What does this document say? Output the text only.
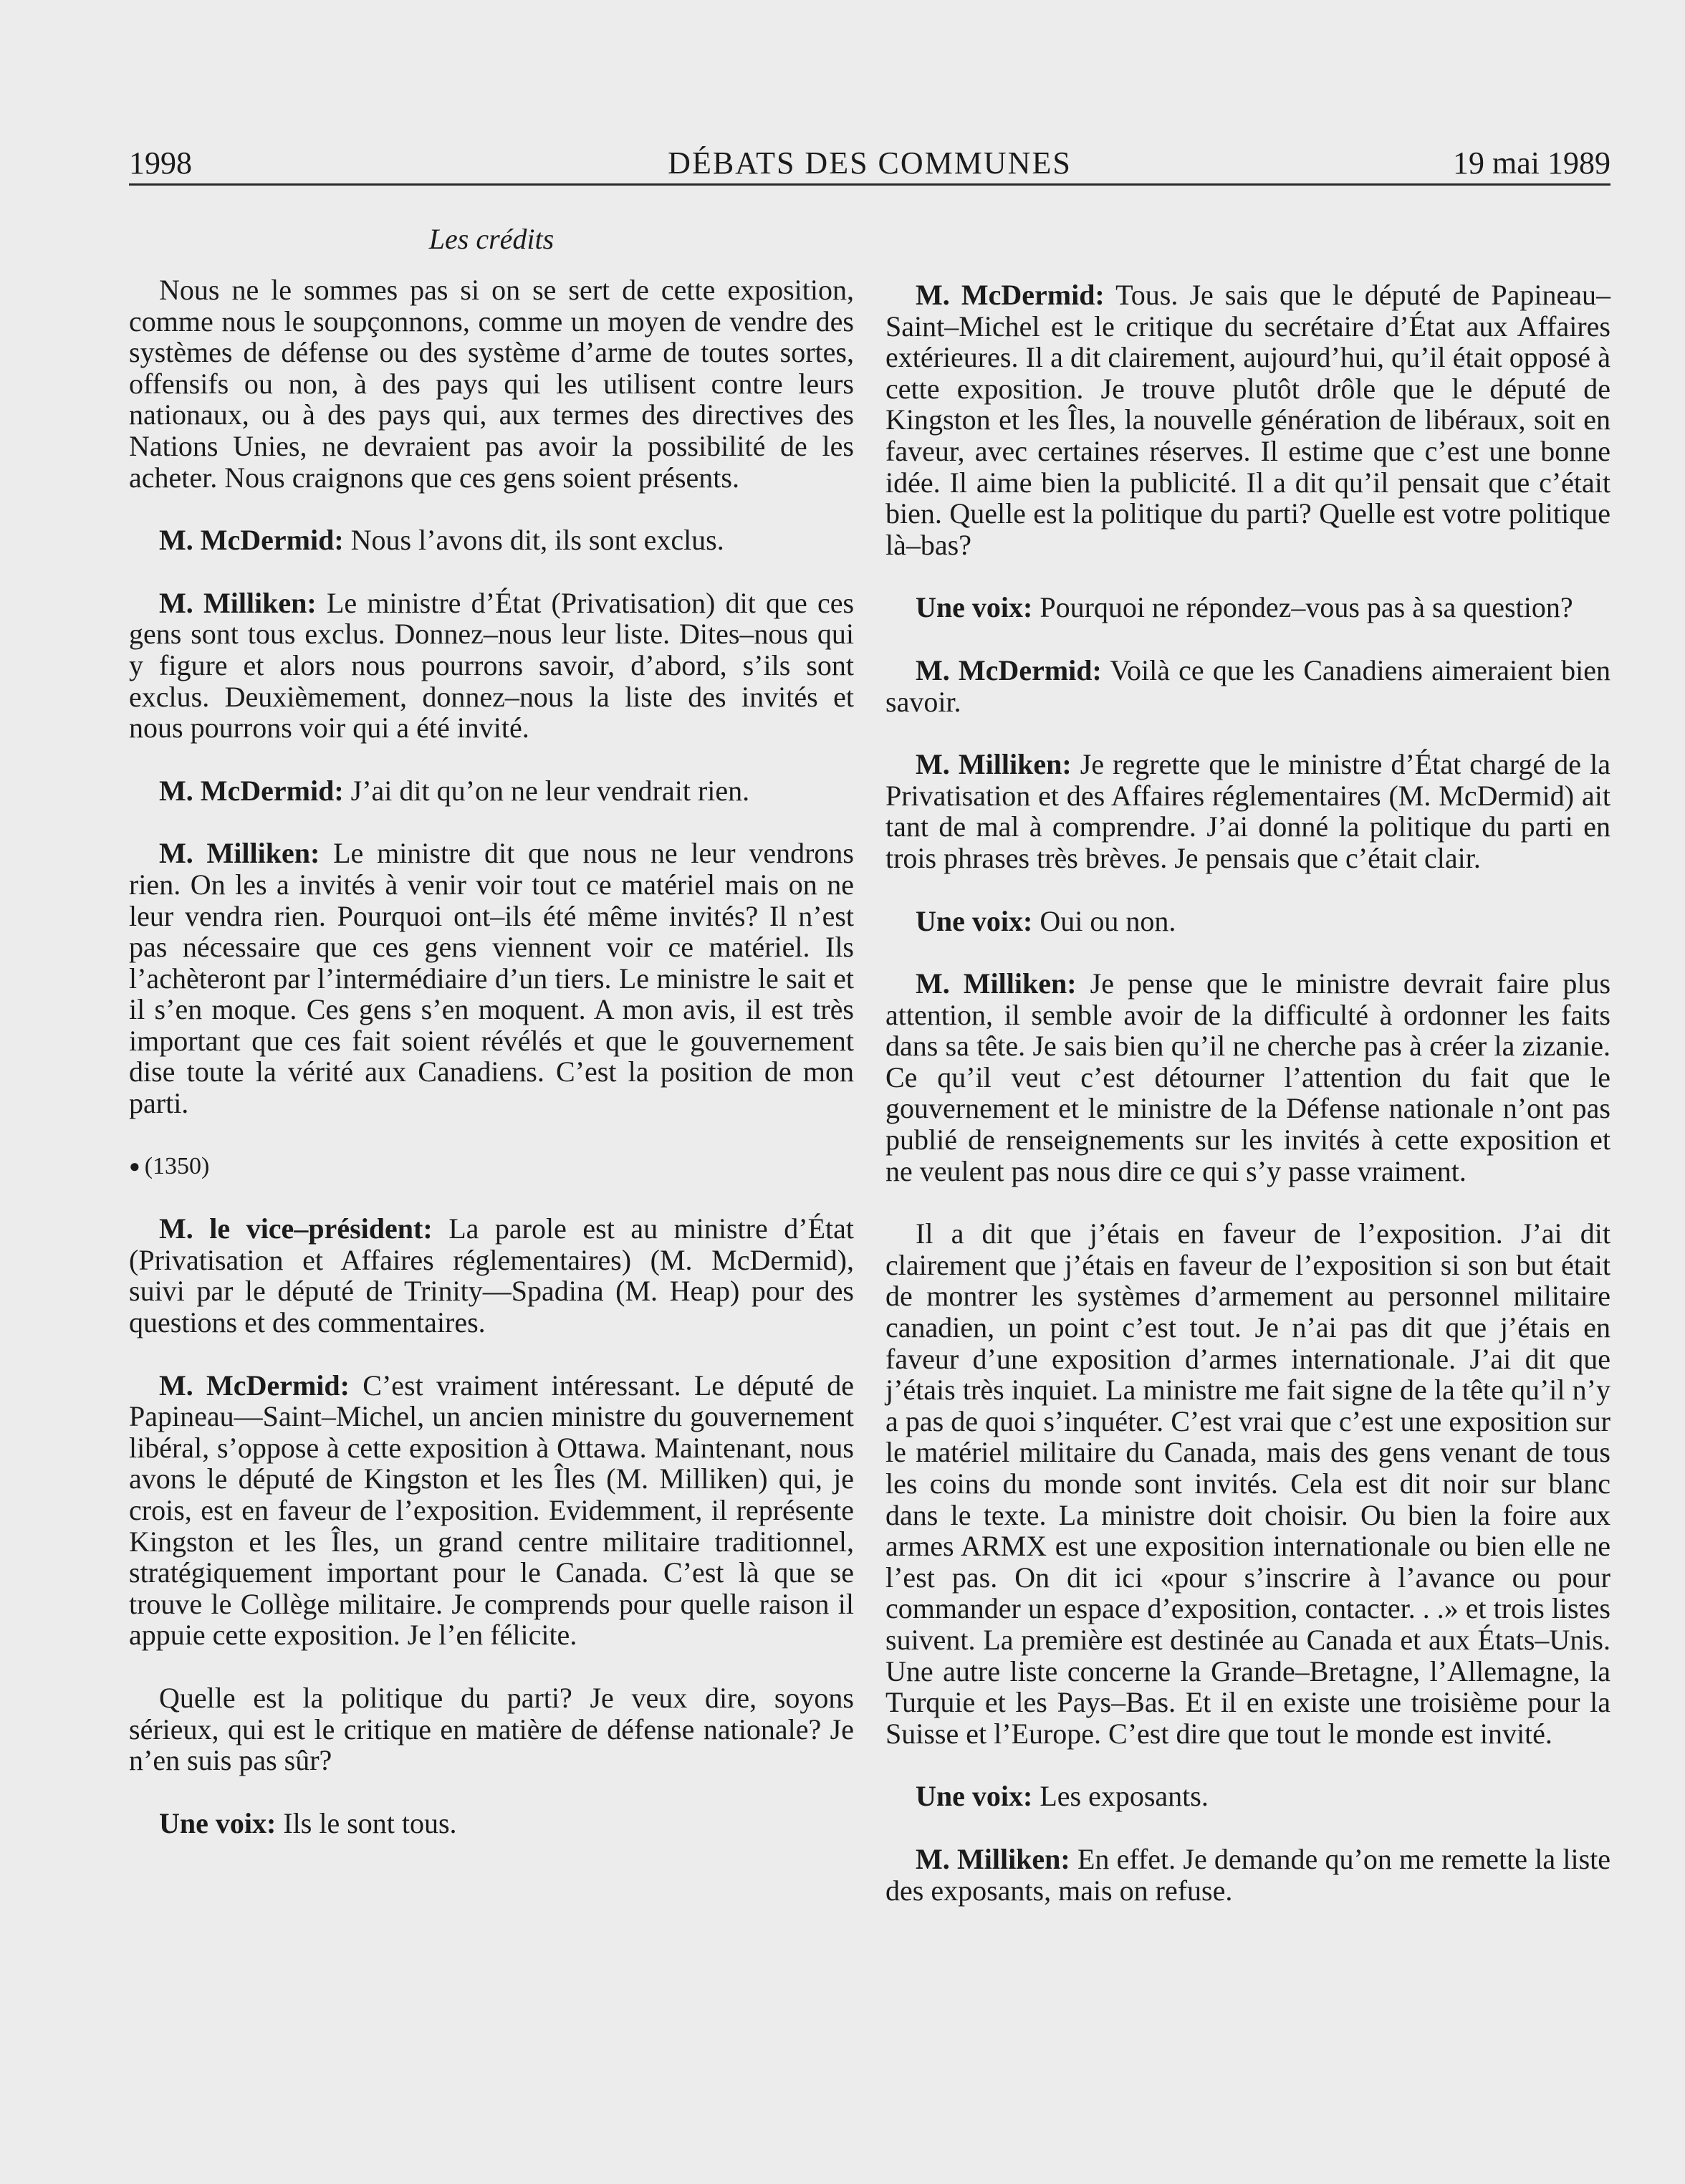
1998	DÉBATS DES COMMUNES	19 mai 1989
Les crédits

Nous ne le sommes pas si on se sert de cette exposition, comme nous le soupçonnons, comme un moyen de vendre des systèmes de défense ou des système d’arme de toutes sortes, offensifs ou non, à des pays qui les utilisent contre leurs nationaux, ou à des pays qui, aux termes des directives des Nations Unies, ne devraient pas avoir la possibilité de les acheter. Nous craignons que ces gens soient présents.

M. McDermid: Nous l’avons dit, ils sont exclus.

M. Milliken: Le ministre d’État (Privatisation) dit que ces gens sont tous exclus. Donnez–nous leur liste. Dites–nous qui y figure et alors nous pourrons savoir, d’abord, s’ils sont exclus. Deuxièmement, donnez–nous la liste des invités et nous pourrons voir qui a été invité.

M. McDermid: J’ai dit qu’on ne leur vendrait rien.

M. Milliken: Le ministre dit que nous ne leur vendrons rien. On les a invités à venir voir tout ce matériel mais on ne leur vendra rien. Pourquoi ont–ils été même invités? Il n’est pas nécessaire que ces gens viennent voir ce matériel. Ils l’achèteront par l’intermédiaire d’un tiers. Le ministre le sait et il s’en moque. Ces gens s’en moquent. A mon avis, il est très important que ces fait soient révélés et que le gouvernement dise toute la vérité aux Canadiens. C’est la position de mon parti.

● (1350)

M. le vice–président: La parole est au ministre d’État (Privatisation et Affaires réglementaires) (M. McDermid), suivi par le député de Trinity—Spadina (M. Heap) pour des questions et des commentaires.

M. McDermid: C’est vraiment intéressant. Le député de Papineau—Saint–Michel, un ancien ministre du gouvernement libéral, s’oppose à cette exposition à Ottawa. Maintenant, nous avons le député de Kingston et les Îles (M. Milliken) qui, je crois, est en faveur de l’exposition. Evidemment, il représente Kingston et les Îles, un grand centre militaire traditionnel, stratégiquement important pour le Canada. C’est là que se trouve le Collège militaire. Je comprends pour quelle raison il appuie cette exposition. Je l’en félicite.

Quelle est la politique du parti? Je veux dire, soyons sérieux, qui est le critique en matière de défense nationale? Je n’en suis pas sûr?

Une voix: Ils le sont tous.

M. McDermid: Tous. Je sais que le député de Papineau–Saint–Michel est le critique du secrétaire d’État aux Affaires extérieures. Il a dit clairement, aujourd’hui, qu’il était opposé à cette exposition. Je trouve plutôt drôle que le député de Kingston et les Îles, la nouvelle génération de libéraux, soit en faveur, avec certaines réserves. Il estime que c’est une bonne idée. Il aime bien la publicité. Il a dit qu’il pensait que c’était bien. Quelle est la politique du parti? Quelle est votre politique là–bas?

Une voix: Pourquoi ne répondez–vous pas à sa question?

M. McDermid: Voilà ce que les Canadiens aimeraient bien savoir.

M. Milliken: Je regrette que le ministre d’État chargé de la Privatisation et des Affaires réglementaires (M. McDermid) ait tant de mal à comprendre. J’ai donné la politique du parti en trois phrases très brèves. Je pensais que c’était clair.

Une voix: Oui ou non.

M. Milliken: Je pense que le ministre devrait faire plus attention, il semble avoir de la difficulté à ordonner les faits dans sa tête. Je sais bien qu’il ne cherche pas à créer la zizanie. Ce qu’il veut c’est détourner l’attention du fait que le gouvernement et le ministre de la Défense nationale n’ont pas publié de renseignements sur les invités à cette exposition et ne veulent pas nous dire ce qui s’y passe vraiment.

Il a dit que j’étais en faveur de l’exposition. J’ai dit clairement que j’étais en faveur de l’exposition si son but était de montrer les systèmes d’armement au personnel militaire canadien, un point c’est tout. Je n’ai pas dit que j’étais en faveur d’une exposition d’armes internationale. J’ai dit que j’étais très inquiet. La ministre me fait signe de la tête qu’il n’y a pas de quoi s’inquéter. C’est vrai que c’est une exposition sur le matériel militaire du Canada, mais des gens venant de tous les coins du monde sont invités. Cela est dit noir sur blanc dans le texte. La ministre doit choisir. Ou bien la foire aux armes ARMX est une exposition internationale ou bien elle ne l’est pas. On dit ici «pour s’inscrire à l’avance ou pour commander un espace d’exposition, contacter. . .» et trois listes suivent. La première est destinée au Canada et aux États–Unis. Une autre liste concerne la Grande–Bretagne, l’Allemagne, la Turquie et les Pays–Bas. Et il en existe une troisième pour la Suisse et l’Europe. C’est dire que tout le monde est invité.

Une voix: Les exposants.

M. Milliken: En effet. Je demande qu’on me remette la liste des exposants, mais on refuse.
